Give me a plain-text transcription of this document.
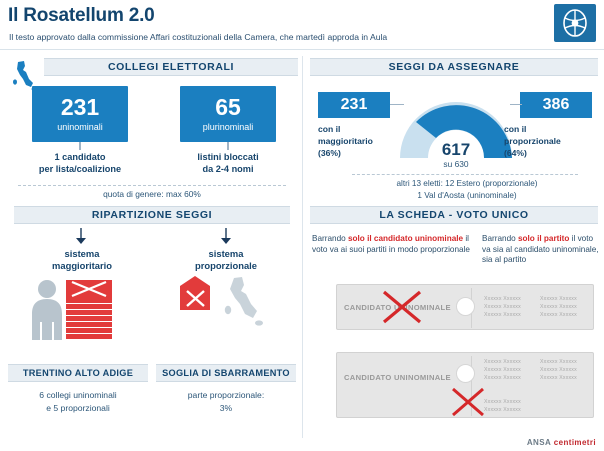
Il Rosatellum 2.0
Il testo approvato dalla commissione Affari costituzionali della Camera, che martedì approda in Aula
COLLEGI ELETTORALI
231
uninominali
1 candidato
per lista/coalizione
65
plurinominali
listini bloccati
da 2-4 nomi
quota di genere: max 60%
RIPARTIZIONE SEGGI
sistema
maggioritario
sistema
proporzionale
TRENTINO ALTO ADIGE
6 collegi uninominali
e 5 proporzionali
SOGLIA DI SBARRAMENTO
parte proporzionale:
3%
SEGGI DA ASSEGNARE
231
con il
maggioritario
(36%)
386
con il
proporzionale
(64%)
617
su 630
altri 13 eletti: 12 Estero (proporzionale)
1 Val d'Aosta (uninominale)
LA SCHEDA - VOTO UNICO
Barrando solo il candidato uninominale il voto va ai suoi partiti in modo proporzionale
Barrando solo il partito il voto va sia al candidato uninominale, sia al partito
CANDIDATO UNINOMINALE
Xxxxxx Xxxxxx
Xxxxxx Xxxxxx
Xxxxxx Xxxxxx
Xxxxxx Xxxxxx
Xxxxxx Xxxxxx
Xxxxxx Xxxxxx
CANDIDATO UNINOMINALE
Xxxxxx Xxxxxx
Xxxxxx Xxxxxx
Xxxxxx Xxxxxx
Xxxxxx Xxxxxx
Xxxxxx Xxxxxx
Xxxxxx Xxxxxx
Xxxxxx Xxxxxx
Xxxxxx Xxxxxx
ANSA centimetri
